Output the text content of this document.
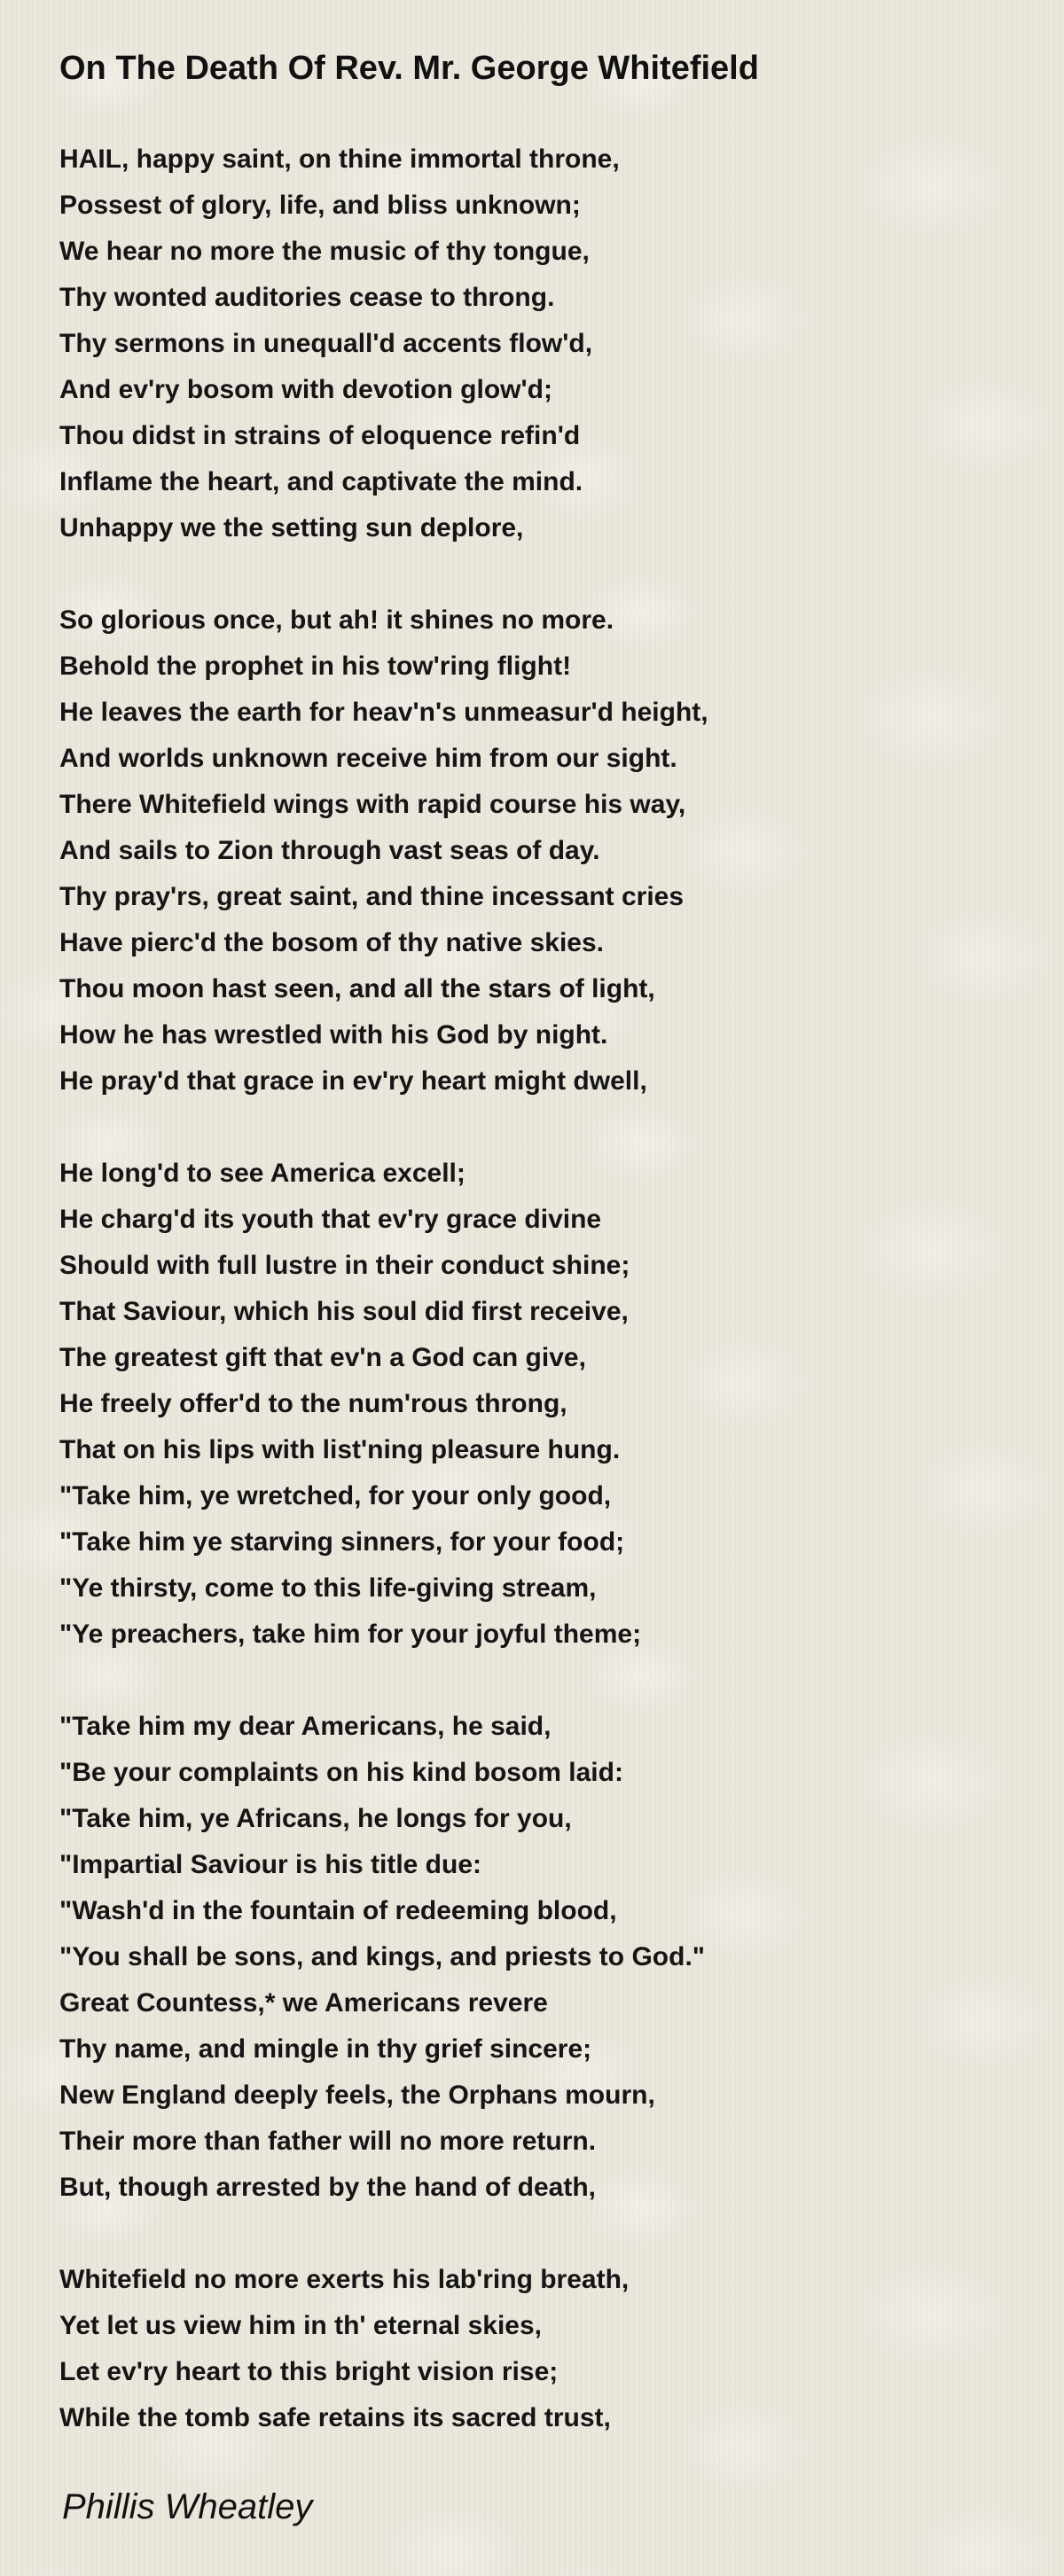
On The Death Of Rev. Mr. George Whitefield
HAIL, happy saint, on thine immortal throne,
Possest of glory, life, and bliss unknown;
We hear no more the music of thy tongue,
Thy wonted auditories cease to throng.
Thy sermons in unequall'd accents flow'd,
And ev'ry bosom with devotion glow'd;
Thou didst in strains of eloquence refin'd
Inflame the heart, and captivate the mind.
Unhappy we the setting sun deplore,
So glorious once, but ah! it shines no more.
Behold the prophet in his tow'ring flight!
He leaves the earth for heav'n's unmeasur'd height,
And worlds unknown receive him from our sight.
There Whitefield wings with rapid course his way,
And sails to Zion through vast seas of day.
Thy pray'rs, great saint, and thine incessant cries
Have pierc'd the bosom of thy native skies.
Thou moon hast seen, and all the stars of light,
How he has wrestled with his God by night.
He pray'd that grace in ev'ry heart might dwell,
He long'd to see America excell;
He charg'd its youth that ev'ry grace divine
Should with full lustre in their conduct shine;
That Saviour, which his soul did first receive,
The greatest gift that ev'n a God can give,
He freely offer'd to the num'rous throng,
That on his lips with list'ning pleasure hung.
"Take him, ye wretched, for your only good,
"Take him ye starving sinners, for your food;
"Ye thirsty, come to this life-giving stream,
"Ye preachers, take him for your joyful theme;
"Take him my dear Americans, he said,
"Be your complaints on his kind bosom laid:
"Take him, ye Africans, he longs for you,
"Impartial Saviour is his title due:
"Wash'd in the fountain of redeeming blood,
"You shall be sons, and kings, and priests to God."
Great Countess,* we Americans revere
Thy name, and mingle in thy grief sincere;
New England deeply feels, the Orphans mourn,
Their more than father will no more return.
But, though arrested by the hand of death,
Whitefield no more exerts his lab'ring breath,
Yet let us view him in th' eternal skies,
Let ev'ry heart to this bright vision rise;
While the tomb safe retains its sacred trust,
Phillis Wheatley
